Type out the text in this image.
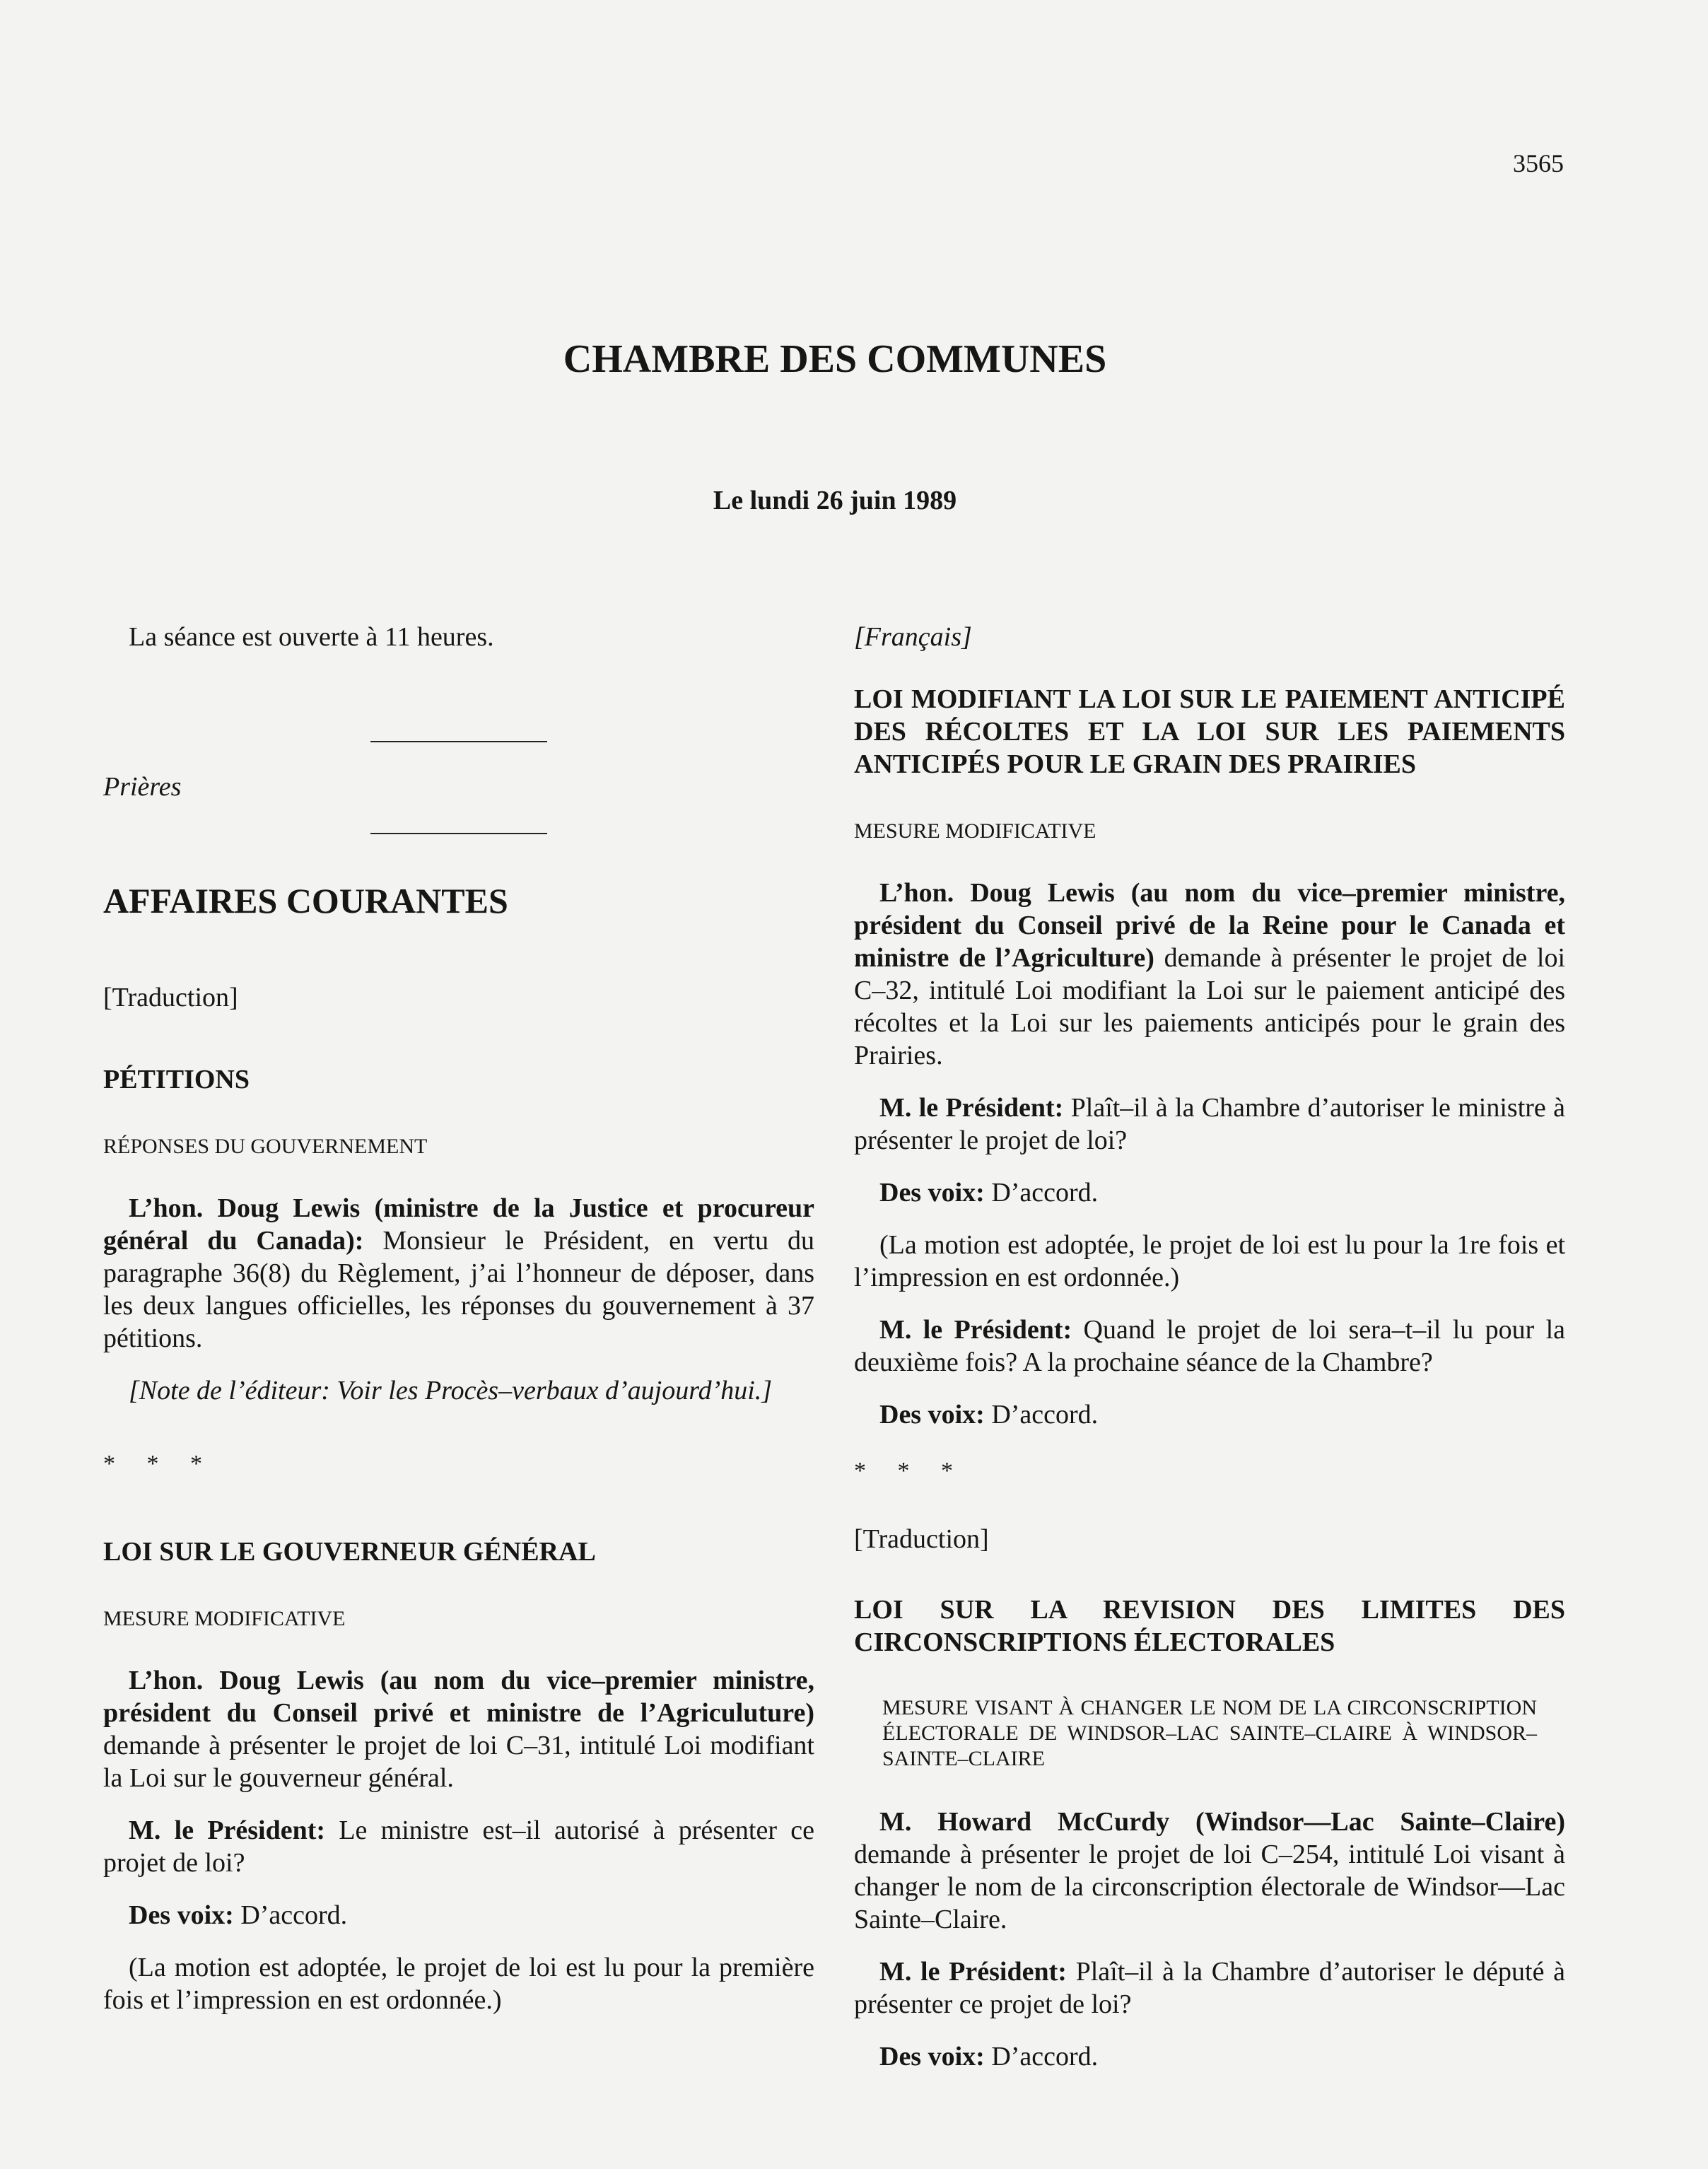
3565
CHAMBRE DES COMMUNES
Le lundi 26 juin 1989

La séance est ouverte à 11 heures.

Prières

AFFAIRES COURANTES

[Traduction]

PÉTITIONS

RÉPONSES DU GOUVERNEMENT

L’hon. Doug Lewis (ministre de la Justice et procureur général du Canada): Monsieur le Président, en vertu du paragraphe 36(8) du Règlement, j’ai l’honneur de déposer, dans les deux langues officielles, les réponses du gouvernement à 37 pétitions.

[Note de l’éditeur: Voir les Procès–verbaux d’aujourd’hui.]

* * *

LOI SUR LE GOUVERNEUR GÉNÉRAL

MESURE MODIFICATIVE

L’hon. Doug Lewis (au nom du vice–premier ministre, président du Conseil privé et ministre de l’Agriculuture) demande à présenter le projet de loi C–31, intitulé Loi modifiant la Loi sur le gouverneur général.

M. le Président: Le ministre est–il autorisé à présenter ce projet de loi?

Des voix: D’accord.

(La motion est adoptée, le projet de loi est lu pour la première fois et l’impression en est ordonnée.)

[Français]

LOI MODIFIANT LA LOI SUR LE PAIEMENT ANTICIPÉ DES RÉCOLTES ET LA LOI SUR LES PAIEMENTS ANTICIPÉS POUR LE GRAIN DES PRAIRIES

MESURE MODIFICATIVE

L’hon. Doug Lewis (au nom du vice–premier ministre, président du Conseil privé de la Reine pour le Canada et ministre de l’Agriculture) demande à présenter le projet de loi C–32, intitulé Loi modifiant la Loi sur le paiement anticipé des récoltes et la Loi sur les paiements anticipés pour le grain des Prairies.

M. le Président: Plaît–il à la Chambre d’autoriser le ministre à présenter le projet de loi?

Des voix: D’accord.

(La motion est adoptée, le projet de loi est lu pour la 1re fois et l’impression en est ordonnée.)

M. le Président: Quand le projet de loi sera–t–il lu pour la deuxième fois? A la prochaine séance de la Chambre?

Des voix: D’accord.

* * *

[Traduction]

LOI SUR LA REVISION DES LIMITES DES CIRCONSCRIPTIONS ÉLECTORALES

MESURE VISANT À CHANGER LE NOM DE LA CIRCONSCRIPTION ÉLECTORALE DE WINDSOR–LAC SAINTE–CLAIRE À WINDSOR–SAINTE–CLAIRE

M. Howard McCurdy (Windsor—Lac Sainte–Claire) demande à présenter le projet de loi C–254, intitulé Loi visant à changer le nom de la circonscription électorale de Windsor—Lac Sainte–Claire.

M. le Président: Plaît–il à la Chambre d’autoriser le député à présenter ce projet de loi?

Des voix: D’accord.
